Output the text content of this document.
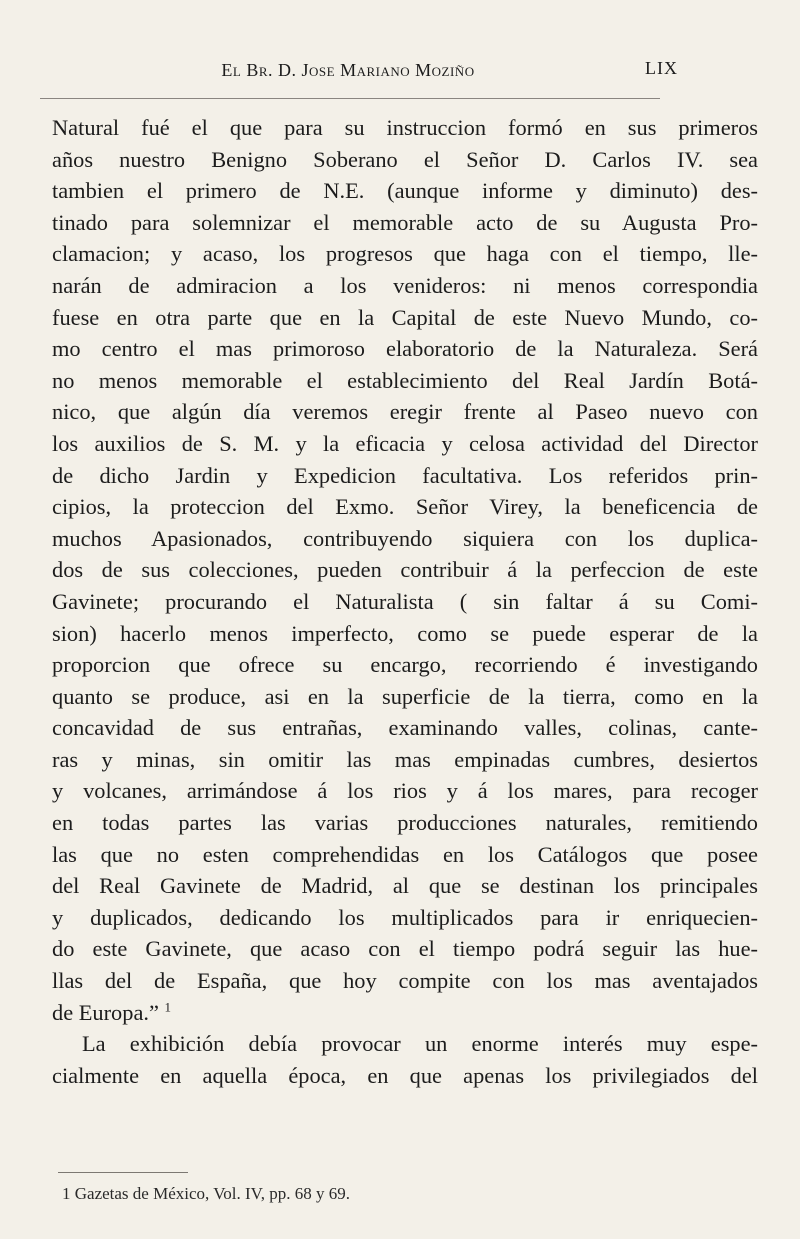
El Br. D. Jose Mariano Moziño	LIX
Natural fué el que para su instruccion formó en sus primeros
años nuestro Benigno Soberano el Señor D. Carlos IV. sea
tambien el primero de N.E. (aunque informe y diminuto) des-
tinado para solemnizar el memorable acto de su Augusta Pro-
clamacion; y acaso, los progresos que haga con el tiempo, lle-
narán de admiracion a los venideros: ni menos correspondia
fuese en otra parte que en la Capital de este Nuevo Mundo, co-
mo centro el mas primoroso elaboratorio de la Naturaleza. Será
no menos memorable el establecimiento del Real Jardín Botá-
nico, que algún día veremos eregir frente al Paseo nuevo con
los auxilios de S. M. y la eficacia y celosa actividad del Director
de dicho Jardin y Expedicion facultativa. Los referidos prin-
cipios, la proteccion del Exmo. Señor Virey, la beneficencia de
muchos Apasionados, contribuyendo siquiera con los duplica-
dos de sus colecciones, pueden contribuir á la perfeccion de este
Gavinete; procurando el Naturalista ( sin faltar á su Comi-
sion) hacerlo menos imperfecto, como se puede esperar de la
proporcion que ofrece su encargo, recorriendo é investigando
quanto se produce, asi en la superficie de la tierra, como en la
concavidad de sus entrañas, examinando valles, colinas, cante-
ras y minas, sin omitir las mas empinadas cumbres, desiertos
y volcanes, arrimándose á los rios y á los mares, para recoger
en todas partes las varias producciones naturales, remitiendo
las que no esten comprehendidas en los Catálogos que posee
del Real Gavinete de Madrid, al que se destinan los principales
y duplicados, dedicando los multiplicados para ir enriquecien-
do este Gavinete, que acaso con el tiempo podrá seguir las hue-
llas del de España, que hoy compite con los mas aventajados
de Europa.” $^1$
La exhibición debía provocar un enorme interés muy espe-
cialmente en aquella época, en que apenas los privilegiados del
1 Gazetas de México, Vol. IV, pp. 68 y 69.
